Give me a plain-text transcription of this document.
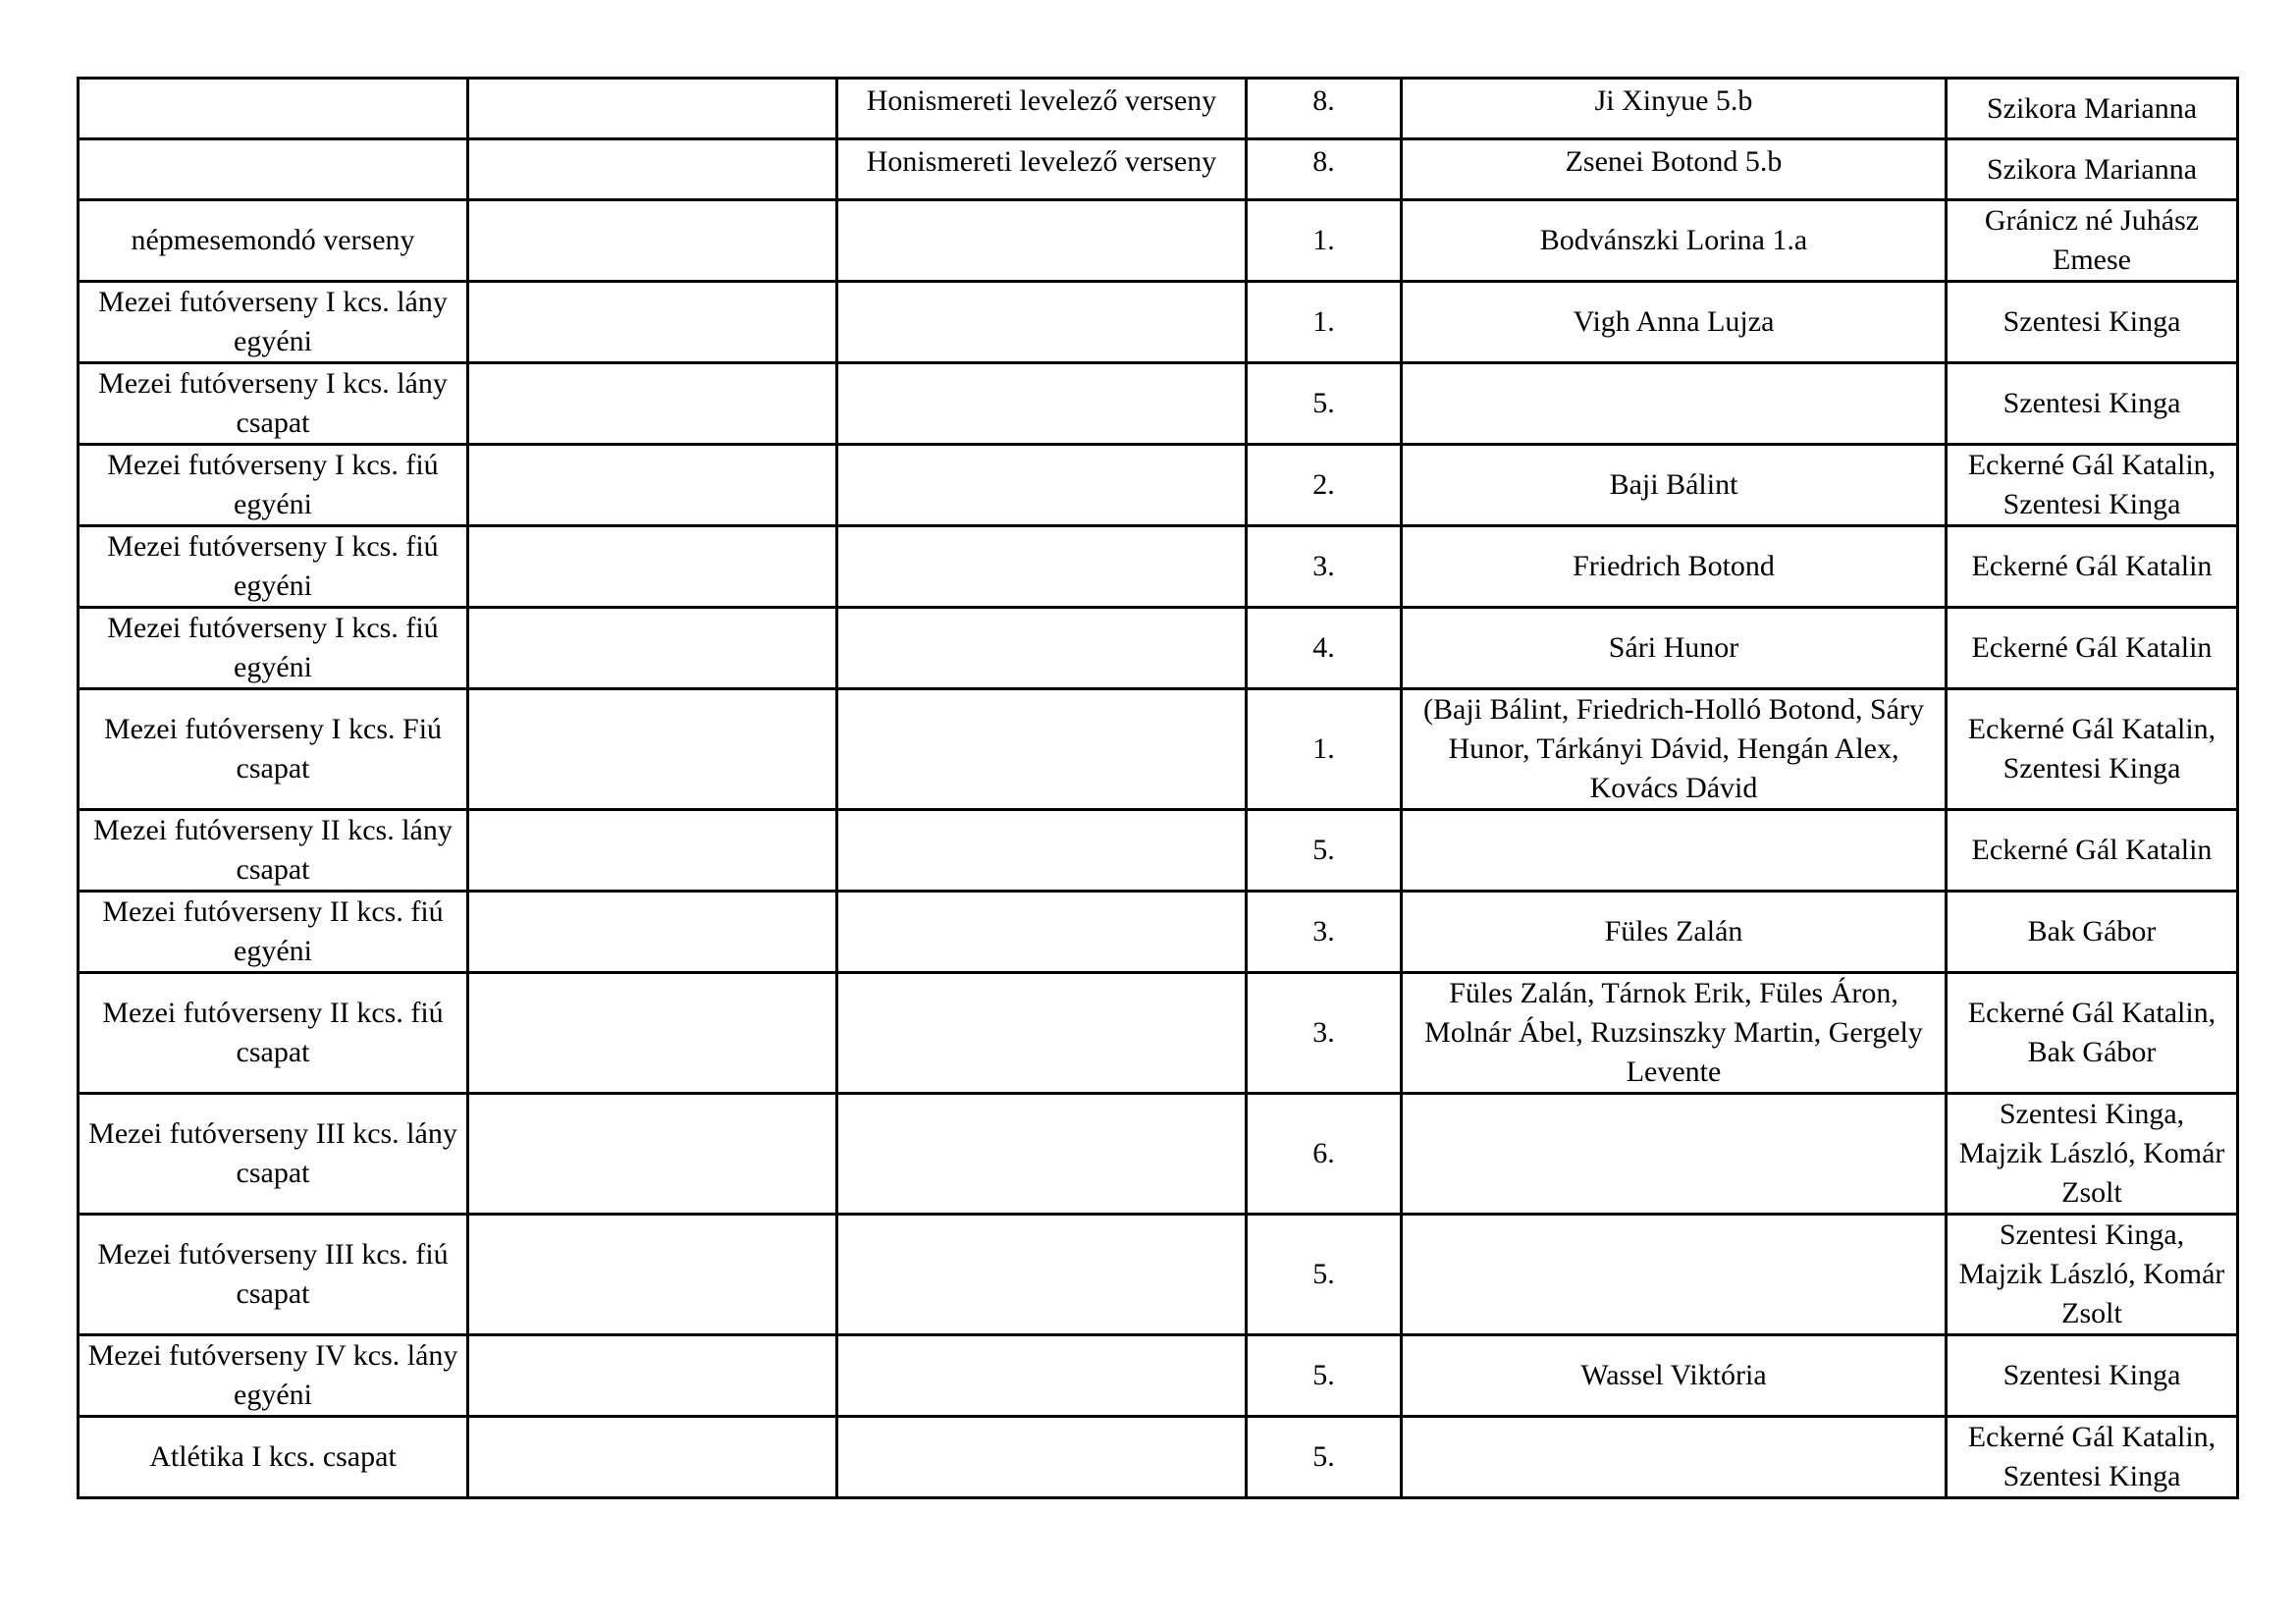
		Honismereti levelező verseny	8.	Ji Xinyue 5.b	Szikora Marianna
		Honismereti levelező verseny	8.	Zsenei Botond 5.b	Szikora Marianna
népmesemondó verseny			1.	Bodvánszki Lorina 1.a	Gránicz né Juhász Emese
Mezei futóverseny I kcs. lány egyéni			1.	Vigh Anna Lujza	Szentesi Kinga
Mezei futóverseny I kcs. lány csapat			5.		Szentesi Kinga
Mezei futóverseny I kcs. fiú egyéni			2.	Baji Bálint	Eckerné Gál Katalin, Szentesi Kinga
Mezei futóverseny I kcs. fiú egyéni			3.	Friedrich Botond	Eckerné Gál Katalin
Mezei futóverseny I kcs. fiú egyéni			4.	Sári Hunor	Eckerné Gál Katalin
Mezei futóverseny I kcs. Fiú csapat			1.	(Baji Bálint, Friedrich-Holló Botond, Sáry Hunor, Tárkányi Dávid, Hengán Alex, Kovács Dávid	Eckerné Gál Katalin, Szentesi Kinga
Mezei futóverseny II kcs. lány csapat			5.		Eckerné Gál Katalin
Mezei futóverseny II kcs. fiú egyéni			3.	Füles Zalán	Bak Gábor
Mezei futóverseny II kcs. fiú csapat			3.	Füles Zalán, Tárnok Erik, Füles Áron, Molnár Ábel, Ruzsinszky Martin, Gergely Levente	Eckerné Gál Katalin, Bak Gábor
Mezei futóverseny III kcs. lány csapat			6.		Szentesi Kinga, Majzik László, Komár Zsolt
Mezei futóverseny III kcs. fiú csapat			5.		Szentesi Kinga, Majzik László, Komár Zsolt
Mezei futóverseny IV kcs. lány egyéni			5.	Wassel Viktória	Szentesi Kinga
Atlétika I kcs. csapat			5.		Eckerné Gál Katalin, Szentesi Kinga
